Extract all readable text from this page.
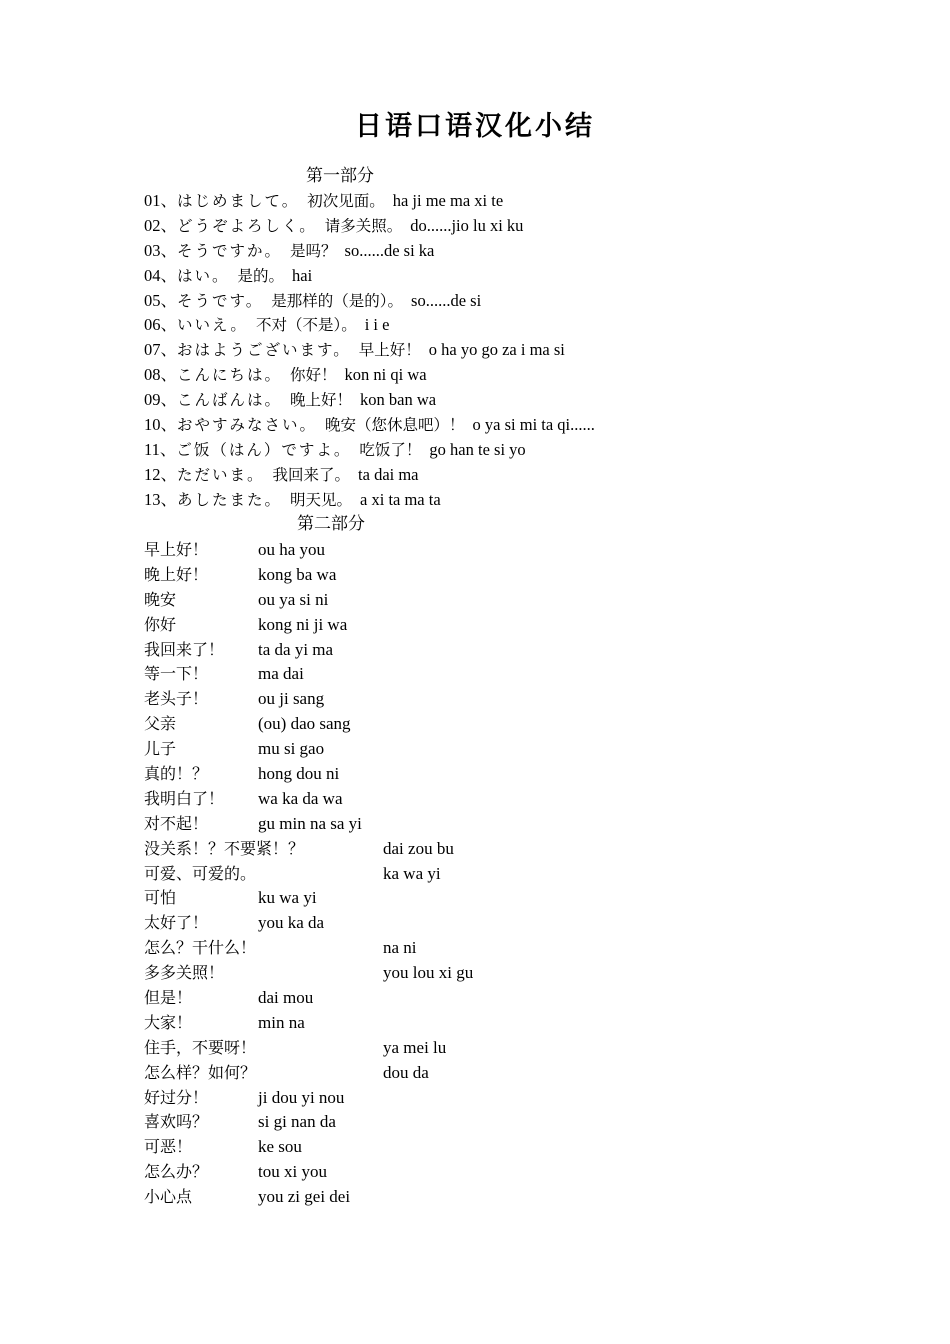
日语口语汉化小结
第一部分
01、はじめまして。 初次见面。 ha ji me ma xi te
02、どうぞよろしく。 请多关照。 do......jio lu xi ku
03、そうですか。 是吗？ so......de si ka
04、はい。 是的。 hai
05、そうです。 是那样的（是的）。 so......de si
06、いいえ。 不对（不是）。 i i e
07、おはようございます。 早上好！ o ha yo go za i ma si
08、こんにちは。 你好！ kon ni qi wa
09、こんばんは。 晚上好！ kon ban wa
10、おやすみなさい。 晚安（您休息吧）！ o ya si mi ta qi......
11、ご饭（はん）ですよ。 吃饭了！ go han te si yo
12、ただいま。 我回来了。 ta dai ma
13、あしたまた。 明天见。 a xi ta ma ta
第二部分
早上好！	ou ha you
晚上好！	kong ba wa
晚安	ou ya si ni
你好	kong ni ji wa
我回来了！ ta da yi ma
等一下！	ma dai
老头子！	ou ji sang
父亲	(ou) dao sang
儿子	mu si gao
真的！？	hong dou ni
我明白了！ wa ka da wa
对不起！	gu min na sa yi
没关系！？不要紧！？	dai zou bu
可爱、可爱的。	ka wa yi
可怕	ku wa yi
太好了！	you ka da
怎么？干什么！	na ni
多多关照！	you lou xi gu
但是！	dai mou
大家！	min na
住手，不要呀！	ya mei lu
怎么样？如何？	dou da
好过分！	ji dou yi nou
喜欢吗？	si gi nan da
可恶！	ke sou
怎么办？	tou xi you
小心点	you zi gei dei
